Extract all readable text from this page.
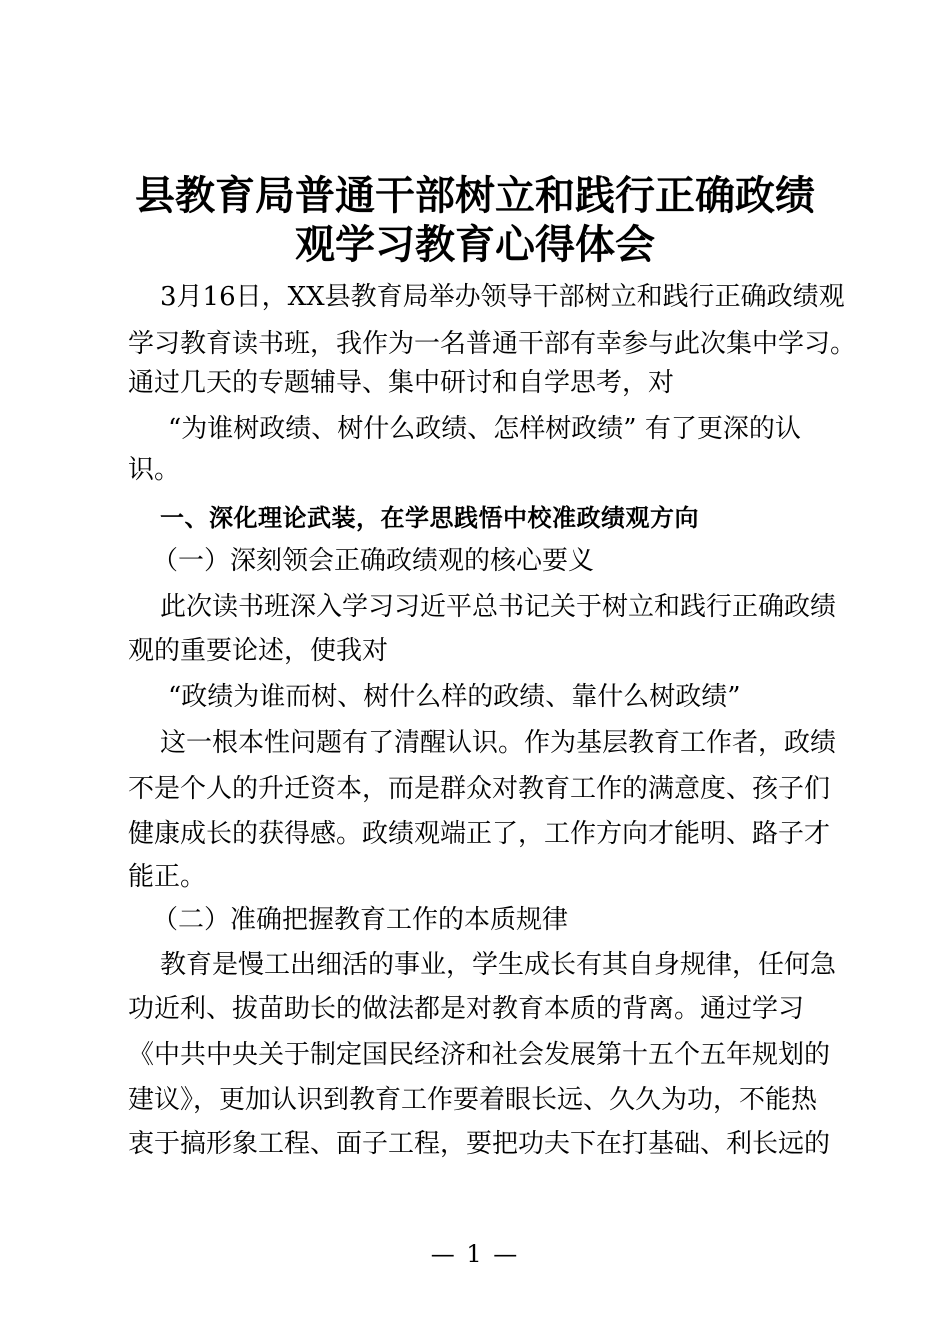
县教育局普通干部树立和践行正确政绩
观学习教育心得体会
3月16日，XX县教育局举办领导干部树立和践行正确政绩观
学习教育读书班，我作为一名普通干部有幸参与此次集中学习。
通过几天的专题辅导、集中研讨和自学思考，对
“为谁树政绩、树什么政绩、怎样树政绩” 有了更深的认
识。
一、深化理论武装，在学思践悟中校准政绩观方向
（一）深刻领会正确政绩观的核心要义
此次读书班深入学习习近平总书记关于树立和践行正确政绩
观的重要论述，使我对
“政绩为谁而树、树什么样的政绩、靠什么树政绩”
这一根本性问题有了清醒认识。作为基层教育工作者，政绩
不是个人的升迁资本，而是群众对教育工作的满意度、孩子们
健康成长的获得感。政绩观端正了，工作方向才能明、路子才
能正。
（二）准确把握教育工作的本质规律
教育是慢工出细活的事业，学生成长有其自身规律，任何急
功近利、拔苗助长的做法都是对教育本质的背离。通过学习
《中共中央关于制定国民经济和社会发展第十五个五年规划的
建议》，更加认识到教育工作要着眼长远、久久为功，不能热
衷于搞形象工程、面子工程，要把功夫下在打基础、利长远的
— 1 —
